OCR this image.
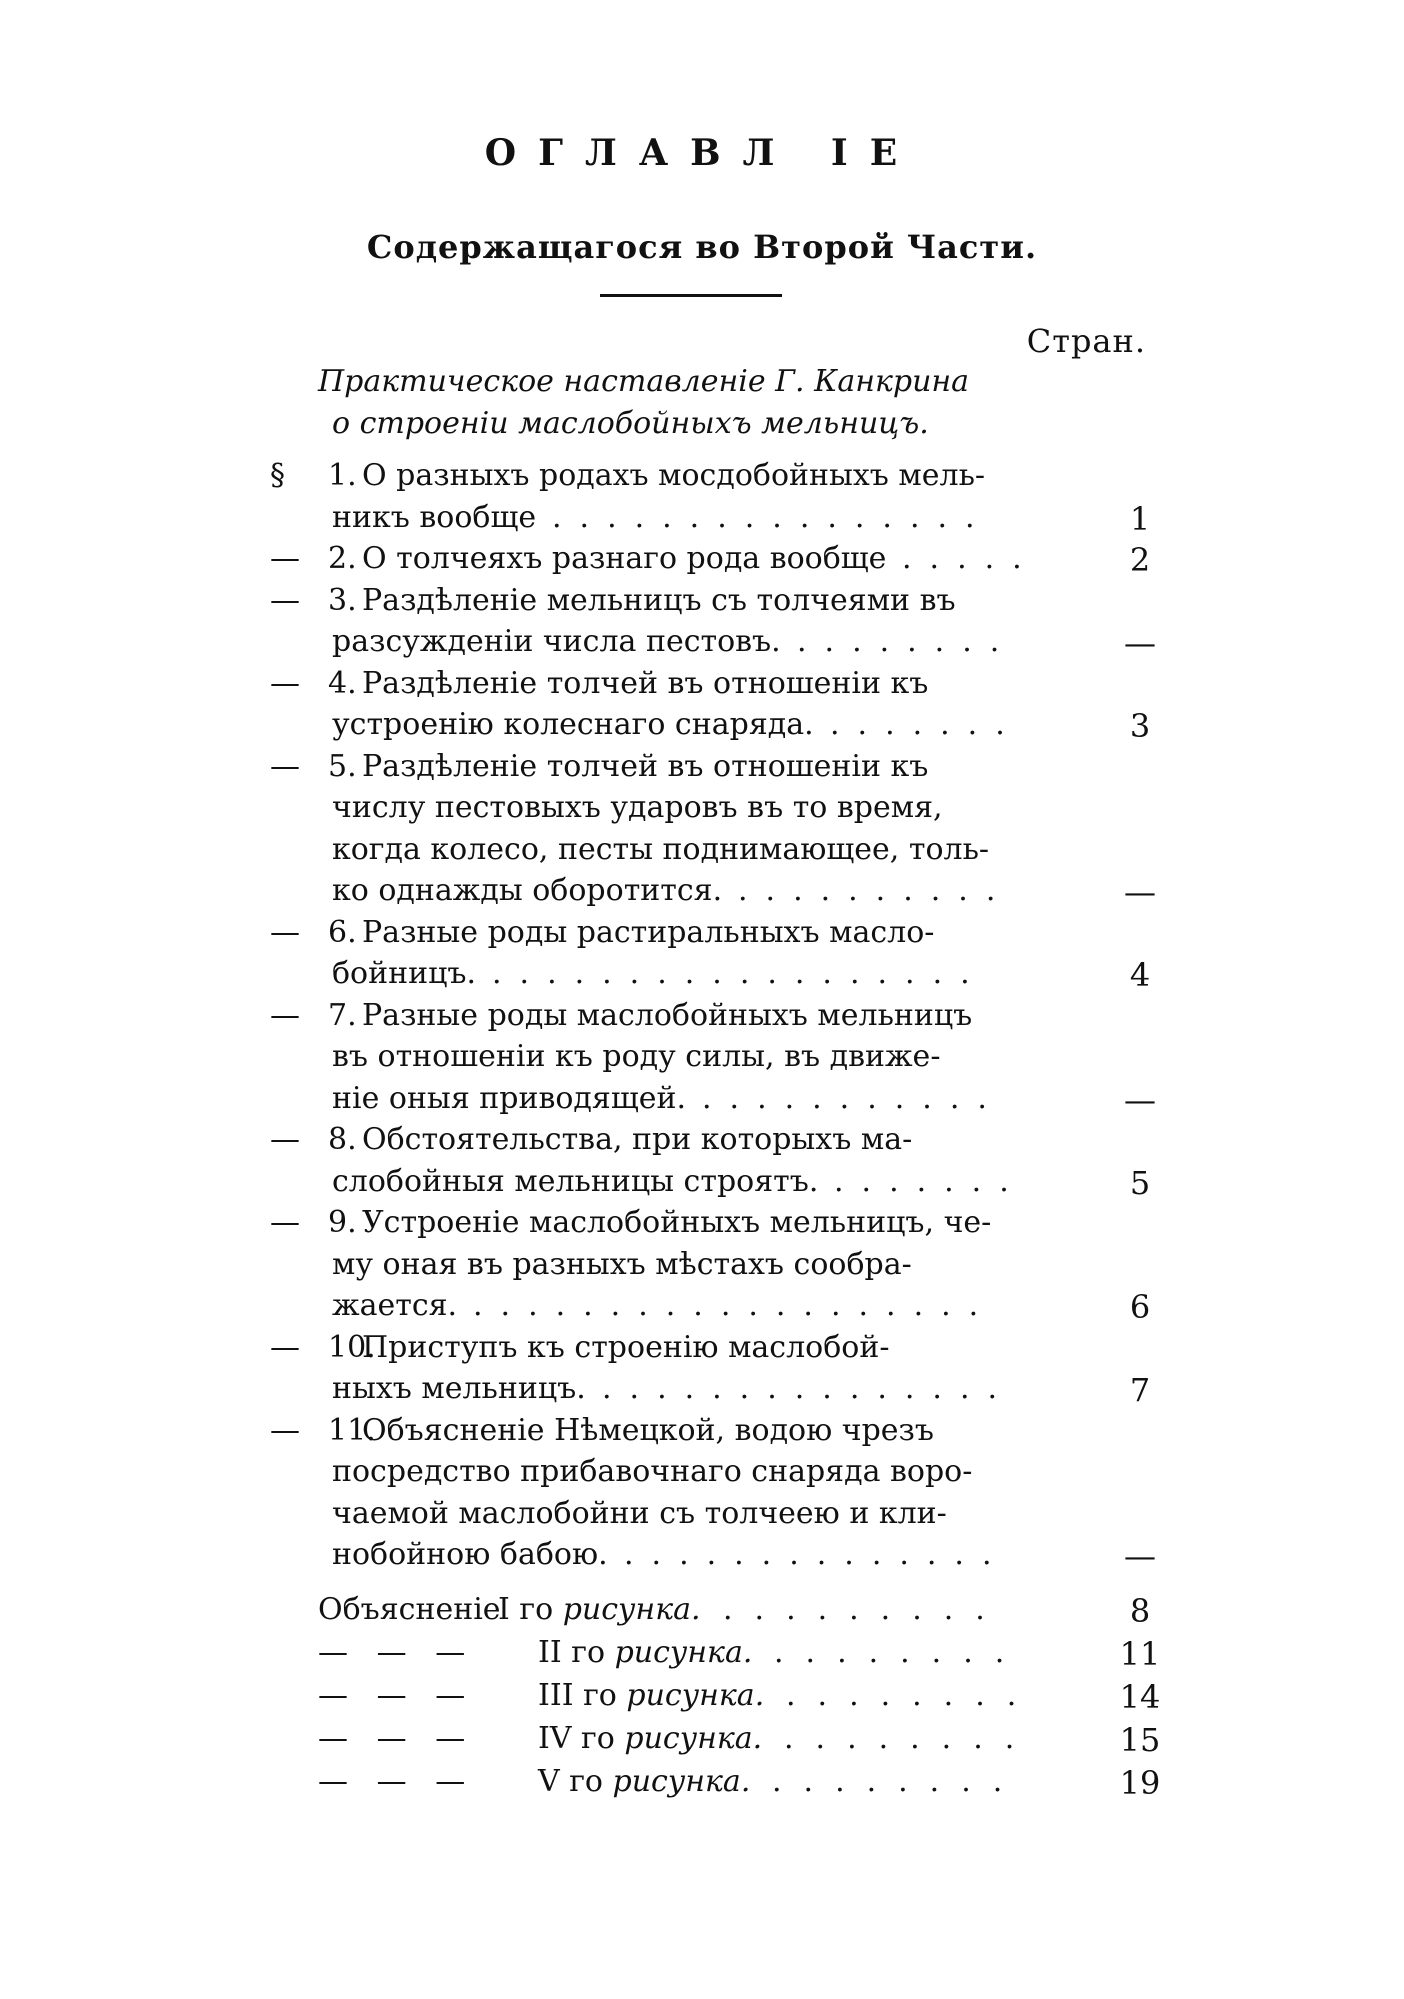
ОГЛАВЛ IE
Содержащагося во Второй Части.
Стран.
Практическое наставленіе Г. Канкрина
о строеніи маслобойныхъ мельницъ.
§ 1. О разныхъ родахъ мосдобойныхъ мель-
никъ вообще ................	1
— 2. О толчеяхъ разнаго рода вообще .....	2
— 3. Раздѣленіе мельницъ съ толчеями въ
разсужденіи числа пестовъ. ........	—
— 4. Раздѣленіе толчей въ отношеніи къ
устроенію колеснаго снаряда. .......	3
— 5. Раздѣленіе толчей въ отношеніи къ
числу пестовыхъ ударовъ въ то время,
когда колесо, песты поднимающее, толь-
ко однажды оборотится. ..........	—
— 6. Разные роды растиральныхъ масло-
бойницъ. ..................	4
— 7. Разные роды маслобойныхъ мельницъ
въ отношеніи къ роду силы, въ движе-
ніе оныя приводящей. ...........	—
— 8. Обстоятельства, при которыхъ ма-
слобойныя мельницы строятъ. .......	5
— 9. Устроеніе маслобойныхъ мельницъ, че-
му оная въ разныхъ мѣстахъ сообра-
жается. ...................	6
— 10.
Приступъ къ строенію маслобой-
ныхъ мельницъ. ...............	7
— 11.
Объясненіе Нѣмецкой, водою чрезъ
посредство прибавочнаго снаряда воро-
чаемой маслобойни съ толчеею и кли-
нобойною бабою. ..............	—
Объясненіе
I го рисунка. .........	8
—   —   — II го рисунка. ........	11
—   —   — III го рисунка. ........	14
—   —   — IV го рисунка. ........	15
—   —   — V го рисунка. ........	19
